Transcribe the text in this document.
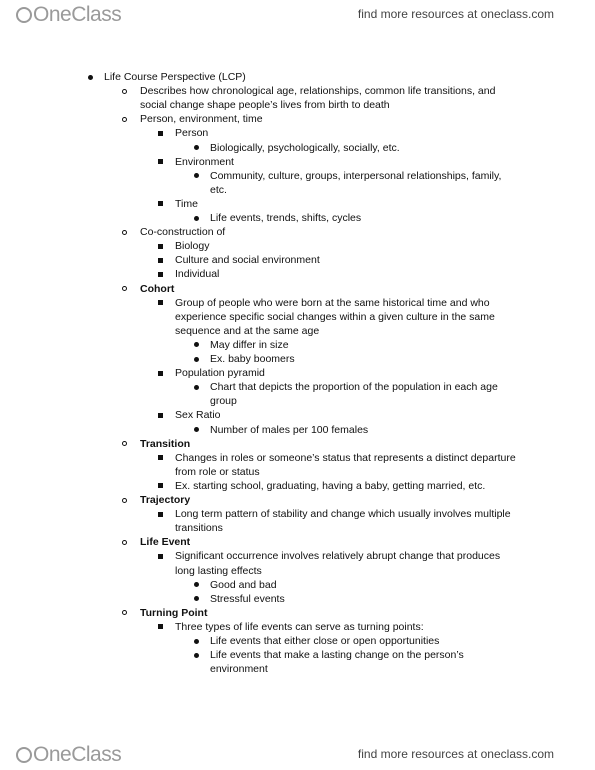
OneClass	find more resources at oneclass.com
Life Course Perspective (LCP)
Describes how chronological age, relationships, common life transitions, and
social change shape people’s lives from birth to death
Person, environment, time
Person
Biologically, psychologically, socially, etc.
Environment
Community, culture, groups, interpersonal relationships, family,
etc.
Time
Life events, trends, shifts, cycles
Co-construction of
Biology
Culture and social environment
Individual
Cohort
Group of people who were born at the same historical time and who
experience specific social changes within a given culture in the same
sequence and at the same age
May differ in size
Ex. baby boomers
Population pyramid
Chart that depicts the proportion of the population in each age
group
Sex Ratio
Number of males per 100 females
Transition
Changes in roles or someone’s status that represents a distinct departure
from role or status
Ex. starting school, graduating, having a baby, getting married, etc.
Trajectory
Long term pattern of stability and change which usually involves multiple
transitions
Life Event
Significant occurrence involves relatively abrupt change that produces
long lasting effects
Good and bad
Stressful events
Turning Point
Three types of life events can serve as turning points:
Life events that either close or open opportunities
Life events that make a lasting change on the person’s
environment
OneClass	find more resources at oneclass.com
